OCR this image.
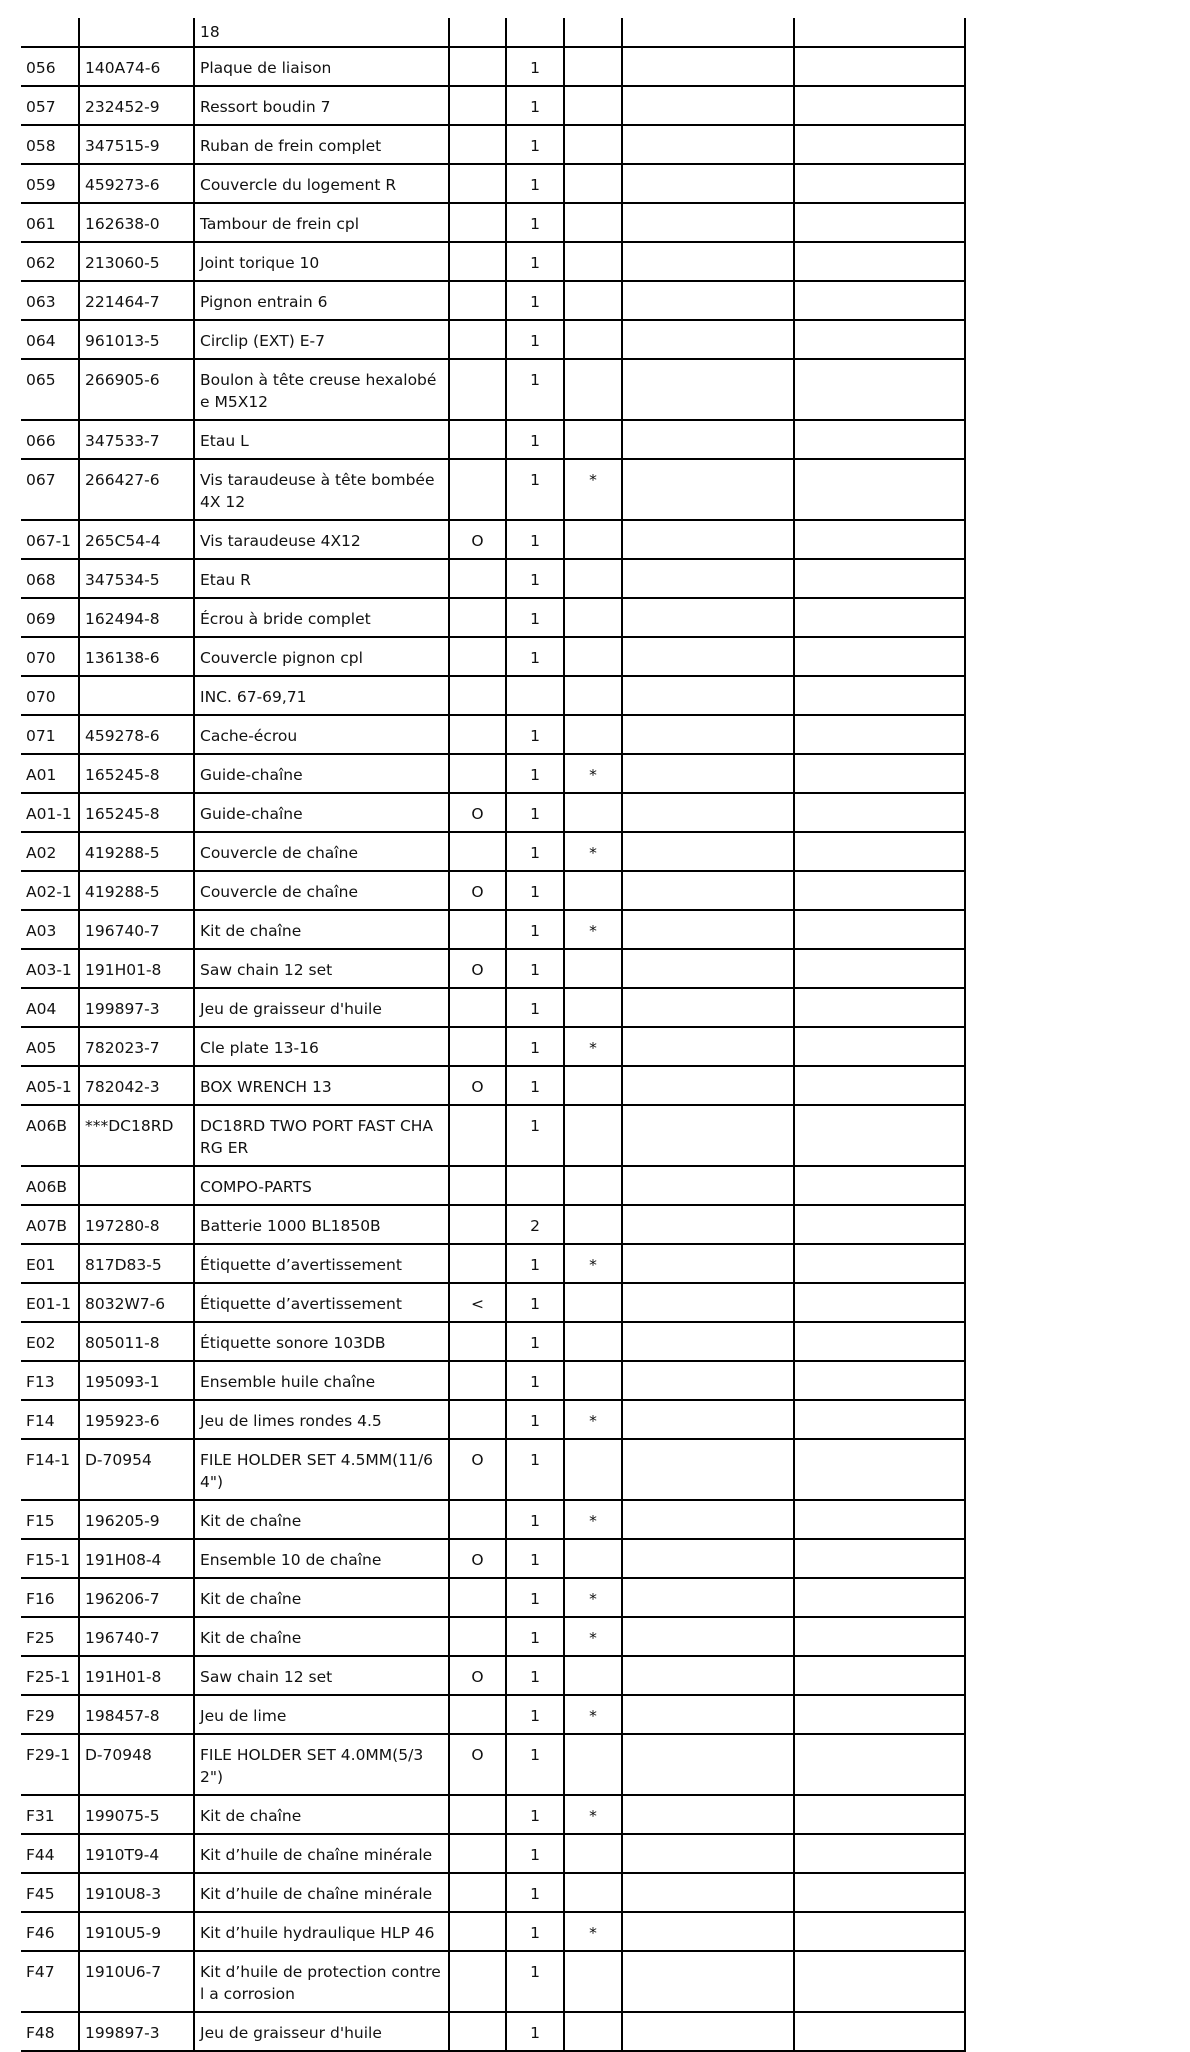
		18					
056	140A74-6	Plaque de liaison		1			
057	232452-9	Ressort boudin 7		1			
058	347515-9	Ruban de frein complet		1			
059	459273-6	Couvercle du logement R		1			
061	162638-0	Tambour de frein cpl		1			
062	213060-5	Joint torique 10		1			
063	221464-7	Pignon entrain 6		1			
064	961013-5	Circlip (EXT) E-7		1			
065	266905-6	Boulon à tête creuse hexalobée M5X12		1			
066	347533-7	Etau L		1			
067	266427-6	Vis taraudeuse à tête bombée 4X 12		1	*		
067-1	265C54-4	Vis taraudeuse 4X12	O	1			
068	347534-5	Etau R		1			
069	162494-8	Écrou à bride complet		1			
070	136138-6	Couvercle pignon cpl		1			
070		INC. 67-69,71					
071	459278-6	Cache-écrou		1			
A01	165245-8	Guide-chaîne		1	*		
A01-1	165245-8	Guide-chaîne	O	1			
A02	419288-5	Couvercle de chaîne		1	*		
A02-1	419288-5	Couvercle de chaîne	O	1			
A03	196740-7	Kit de chaîne		1	*		
A03-1	191H01-8	Saw chain 12 set	O	1			
A04	199897-3	Jeu de graisseur d'huile		1			
A05	782023-7	Cle plate 13-16		1	*		
A05-1	782042-3	BOX WRENCH 13	O	1			
A06B	***DC18RD	DC18RD TWO PORT FAST CHARG ER		1			
A06B		COMPO-PARTS					
A07B	197280-8	Batterie 1000 BL1850B		2			
E01	817D83-5	Étiquette d’avertissement		1	*		
E01-1	8032W7-6	Étiquette d’avertissement	<	1			
E02	805011-8	Étiquette sonore 103DB		1			
F13	195093-1	Ensemble huile chaîne		1			
F14	195923-6	Jeu de limes rondes 4.5		1	*		
F14-1	D-70954	FILE HOLDER SET 4.5MM(11/64")	O	1			
F15	196205-9	Kit de chaîne		1	*		
F15-1	191H08-4	Ensemble 10 de chaîne	O	1			
F16	196206-7	Kit de chaîne		1	*		
F25	196740-7	Kit de chaîne		1	*		
F25-1	191H01-8	Saw chain 12 set	O	1			
F29	198457-8	Jeu de lime		1	*		
F29-1	D-70948	FILE HOLDER SET 4.0MM(5/32")	O	1			
F31	199075-5	Kit de chaîne		1	*		
F44	1910T9-4	Kit d’huile de chaîne minérale		1			
F45	1910U8-3	Kit d’huile de chaîne minérale		1			
F46	1910U5-9	Kit d’huile hydraulique HLP 46		1	*		
F47	1910U6-7	Kit d’huile de protection contre l a corrosion		1			
F48	199897-3	Jeu de graisseur d'huile		1			
